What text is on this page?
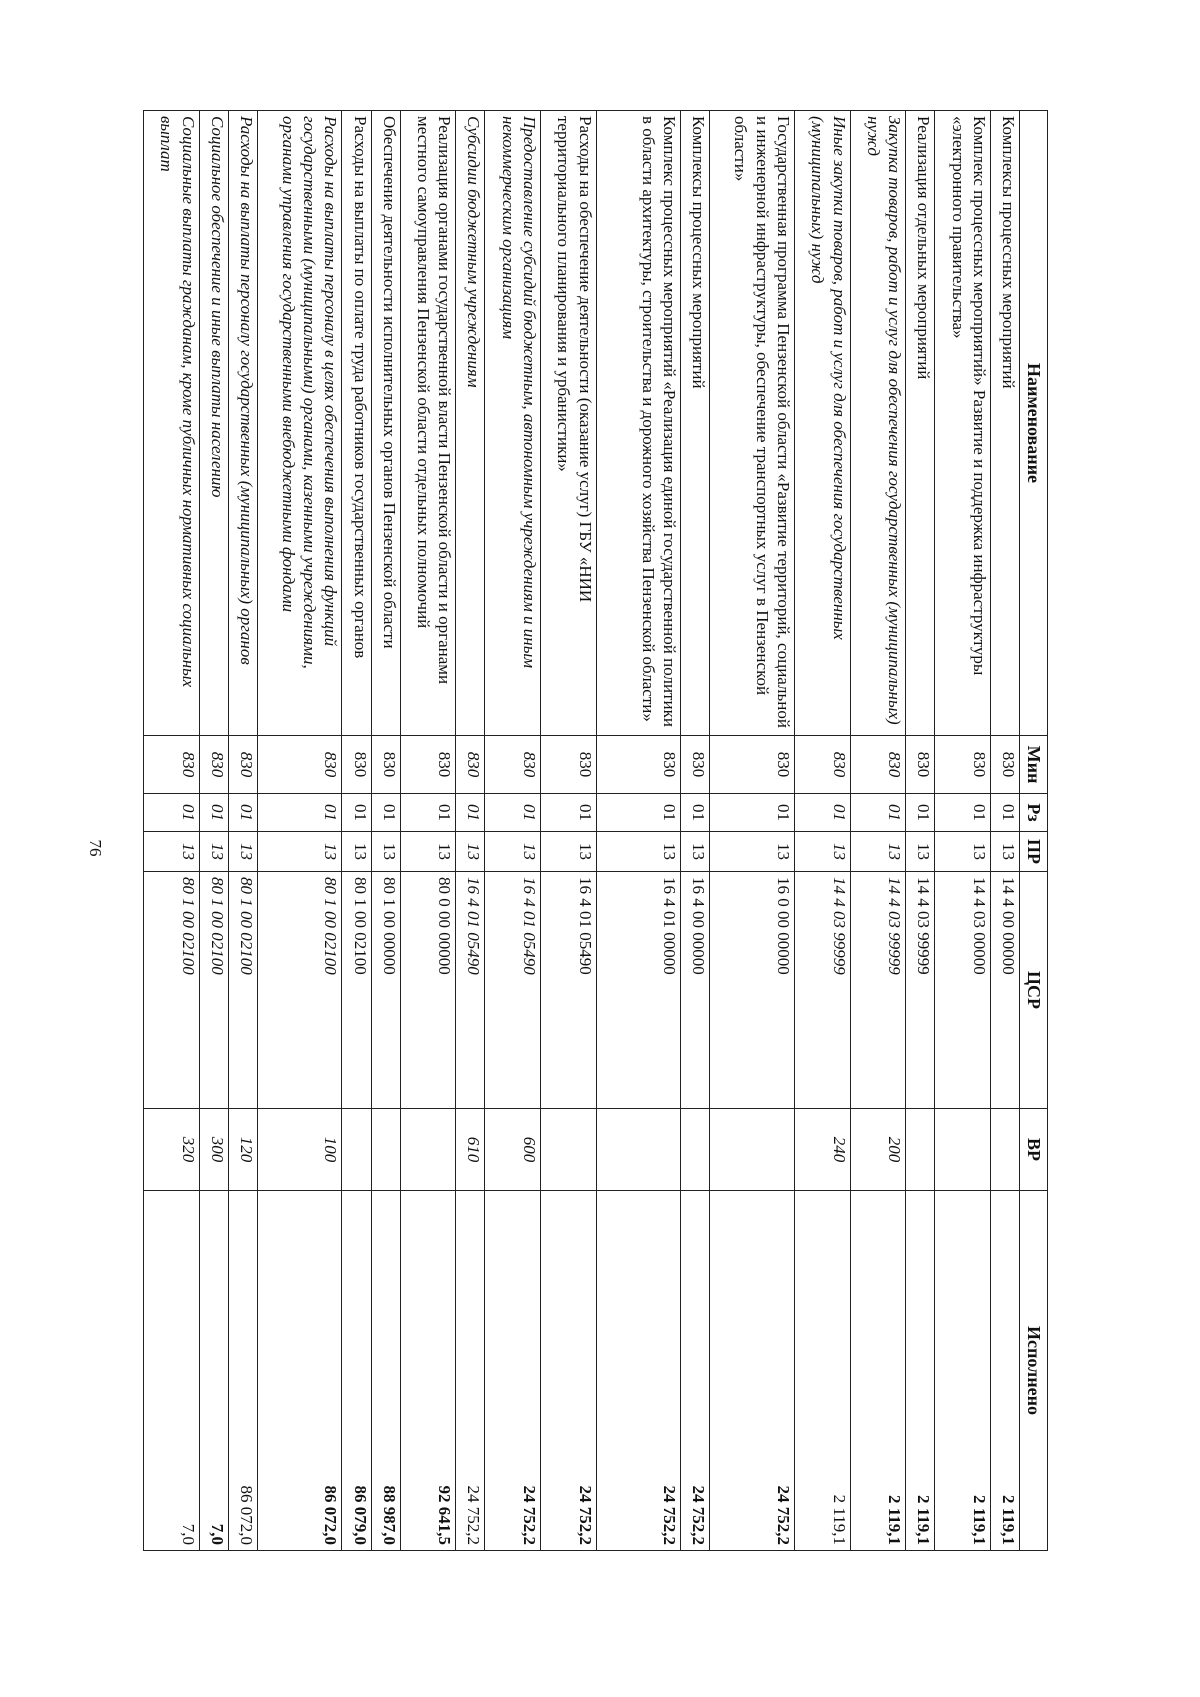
76
Наименование	Мин	Рз	ПР	ЦСР	ВР	Исполнено
Комплексы процессных мероприятий	830	01	13	14 4 00 00000		2 119,1
Комплекс процессных мероприятий» Развитие и поддержка инфраструктуры «электронного правительства»	830	01	13	14 4 03 00000		2 119,1
Реализация отдельных мероприятий	830	01	13	14 4 03 99999		2 119,1
Закупка товаров, работ и услуг для обеспечения государственных (муниципальных) нужд	830	01	13	14 4 03 99999	200	2 119,1
Иные закупки товаров, работ и услуг для обеспечения государственных (муниципальных) нужд	830	01	13	14 4 03 99999	240	2 119,1
Государственная программа Пензенской области «Развитие территорий, социальной и инженерной инфраструктуры, обеспечение транспортных услуг в Пензенской области»	830	01	13	16 0 00 00000		24 752,2
Комплексы процессных мероприятий	830	01	13	16 4 00 00000		24 752,2
Комплекс процессных мероприятий «Реализация единой государственной политики в области архитектуры, строительства и дорожного хозяйства Пензенской области»	830	01	13	16 4 01 00000		24 752,2
Расходы на обеспечение деятельности (оказание услуг) ГБУ «НИИ территориального планирования и урбанистики»	830	01	13	16 4 01 05490		24 752,2
Предоставление субсидий бюджетным, автономным учреждениям и иным некоммерческим организациям	830	01	13	16 4 01 05490	600	24 752,2
Субсидии бюджетным учреждениям	830	01	13	16 4 01 05490	610	24 752,2
Реализация органами государственной власти Пензенской области и органами местного самоуправления Пензенской области отдельных полномочий	830	01	13	80 0 00 00000		92 641,5
Обеспечение деятельности исполнительных органов Пензенской области	830	01	13	80 1 00 00000		88 987,0
Расходы на выплаты по оплате труда работников государственных органов	830	01	13	80 1 00 02100		86 079,0
Расходы на выплаты персоналу в целях обеспечения выполнения функций государственными (муниципальными) органами, казенными учреждениями, органами управления государственными внебюджетными фондами	830	01	13	80 1 00 02100	100	86 072,0
Расходы на выплаты персоналу государственных (муниципальных) органов	830	01	13	80 1 00 02100	120	86 072,0
Социальное обеспечение и иные выплаты населению	830	01	13	80 1 00 02100	300	7,0
Социальные выплаты гражданам, кроме публичных нормативных социальных выплат	830	01	13	80 1 00 02100	320	7,0
